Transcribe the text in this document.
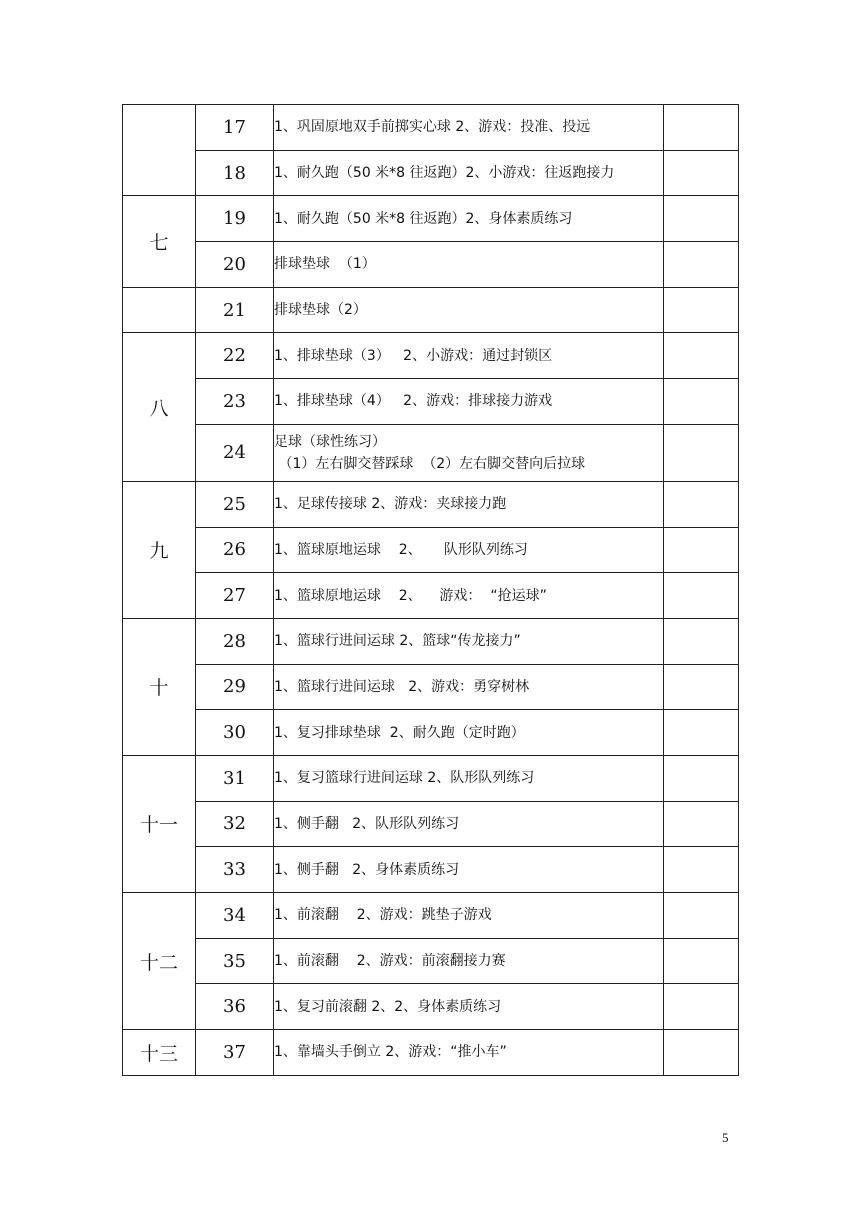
	17	1、巩固原地双手前掷实心球 2、游戏：投准、投远	

	18	1、耐久跑（50 米*8 往返跑）2、小游戏：往返跑接力	

七	19	1、耐久跑（50 米*8 往返跑）2、身体素质练习	

	20	排球垫球  （1）	

	21	排球垫球（2）	

八	22	1、排球垫球（3）   2、小游戏：通过封锁区	

	23	1、排球垫球（4）   2、游戏：排球接力游戏	

	24	足球（球性练习）
（1）左右脚交替踩球  （2）左右脚交替向后拉球	

九	25	1、足球传接球 2、游戏：夹球接力跑	

	26	1、篮球原地运球    2、     队形队列练习	

	27	1、篮球原地运球    2、    游戏：  “抢运球”	

十	28	1、篮球行进间运球 2、篮球“传龙接力”	

	29	1、篮球行进间运球   2、游戏：勇穿树林	

	30	1、复习排球垫球  2、耐久跑（定时跑）	

十一	31	1、复习篮球行进间运球 2、队形队列练习	

	32	1、侧手翻   2、队形队列练习	

	33	1、侧手翻   2、身体素质练习	

十二	34	1、前滚翻    2、游戏：跳垫子游戏	

	35	1、前滚翻    2、游戏：前滚翻接力赛	

	36	1、复习前滚翻 2、2、身体素质练习	

十三	37	1、靠墙头手倒立 2、游戏：“推小车”	

5
